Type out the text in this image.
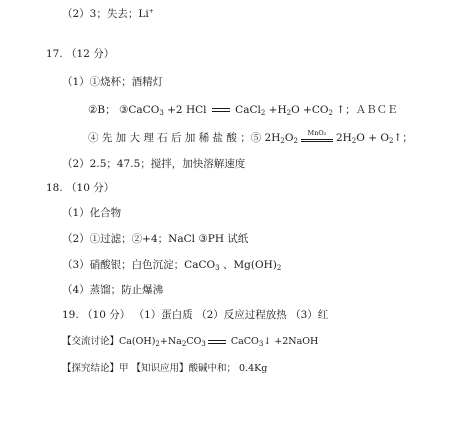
（2）3；失去；Li+
17. （12 分）
（1）①烧杯；酒精灯
②B； ③CaCO$_3$ +2 HCl  CaCl$_2$ $+H_2O +CO_2$ ↑；ＡＢＣＥ
④ 先 加 大 理 石 后 加 稀 盐 酸 ；⑤ $2H_2O_2$
MnO₂ $2H_2O$ + $O_2↑$；
（2）2.5；47.5；搅拌，加快溶解速度
18. （10 分）
（1）化合物
（2）①过滤；②+4；NaCl ③PH 试纸
（3）硝酸银；白色沉淀；CaCO$_3$ 、$Mg(OH)_2$
（4）蒸馏；防止爆沸
19. （10 分） （1）蛋白质 （2）反应过程放热 （3）红
【交流讨论】$Ca(OH)_2+Na_2CO_3$ CaCO$_3$↓ +2NaOH
【探究结论】甲 【知识应用】酸碱中和； 0.4Kg
